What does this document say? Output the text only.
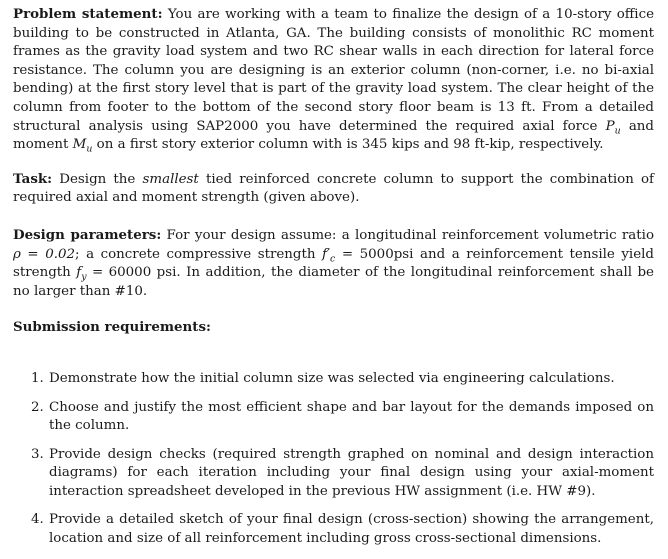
Problem statement: You are working with a team to finalize the design of a 10-story office building to be constructed in Atlanta, GA. The building consists of monolithic RC moment frames as the gravity load system and two RC shear walls in each direction for lateral force resistance. The column you are designing is an exterior column (non-corner, i.e. no bi-axial bending) at the first story level that is part of the gravity load system. The clear height of the column from footer to the bottom of the second story floor beam is 13 ft. From a detailed structural analysis using SAP2000 you have determined the required axial force $P_u$ and moment $M_u$ on a first story exterior column with is 345 kips and 98 ft-kip, respectively.

Task: Design the smallest tied reinforced concrete column to support the combination of required axial and moment strength (given above).

Design parameters: For your design assume: a longitudinal reinforcement volumetric ratio ρ = 0.02; a concrete compressive strength $f'_c = 5000psi$ and a reinforcement tensile yield strength $f_y = 60000$ psi. In addition, the diameter of the longitudinal reinforcement shall be no larger than #10.

Submission requirements:

1. Demonstrate how the initial column size was selected via engineering calculations.
2. Choose and justify the most efficient shape and bar layout for the demands imposed on the column.
3. Provide design checks (required strength graphed on nominal and design interaction diagrams) for each iteration including your final design using your axial-moment interaction spreadsheet developed in the previous HW assignment (i.e. HW #9).
4. Provide a detailed sketch of your final design (cross-section) showing the arrangement, location and size of all reinforcement including gross cross-sectional dimensions.
